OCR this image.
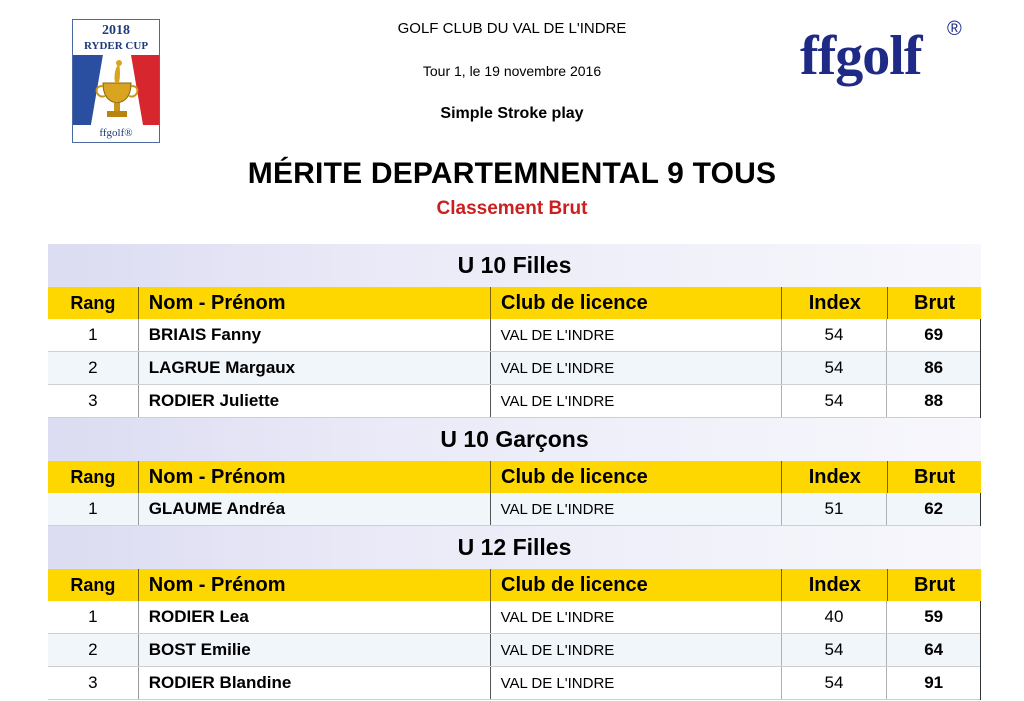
2018
RYDER CUP
ffgolf®
GOLF CLUB DU VAL DE L'INDRE
Tour 1, le 19 novembre 2016
Simple Stroke play
MÉRITE DEPARTEMNENTAL 9 TOUS
Classement Brut
ffgolf ®
U 10 Filles
Rang	Nom - Prénom	Club de licence	Index	Brut
1	BRIAIS Fanny	VAL DE L'INDRE	54	69
2	LAGRUE Margaux	VAL DE L'INDRE	54	86
3	RODIER Juliette	VAL DE L'INDRE	54	88
U 10 Garçons
Rang	Nom - Prénom	Club de licence	Index	Brut
1	GLAUME Andréa	VAL DE L'INDRE	51	62
U 12 Filles
Rang	Nom - Prénom	Club de licence	Index	Brut
1	RODIER Lea	VAL DE L'INDRE	40	59
2	BOST Emilie	VAL DE L'INDRE	54	64
3	RODIER Blandine	VAL DE L'INDRE	54	91
